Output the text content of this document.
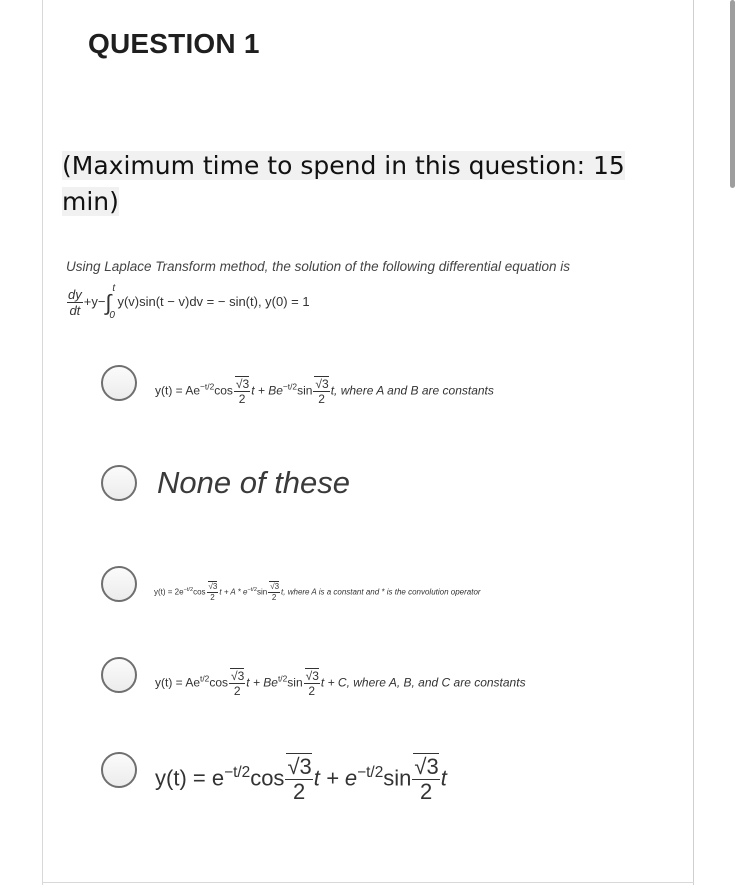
QUESTION 1
(Maximum time to spend in this question: 15 min)
Using Laplace Transform method, the solution of the following differential equation is
$\frac{dy}{dt} +y-\int$
t
0
y(v)sin(t − v)dv = − sin(t), y(0) = 1
$y(t) = Ae^{-t/2}\cos \frac{√3}{2}$ $t + Be^{-t/2}\sin \frac{√3}{2} t$, where A and B are constants
None of these
$y(t) = 2e^{-t/2}\cos \frac{√3}{2}$ $t + A * e^{-t/2}\sin \frac{√3}{2} t$, where A is a constant and * is the convolution operator
$y(t) = Ae^{t/2}\cos \frac{√3}{2}$ $t + Be^{t/2}\sin \frac{√3}{2}$ t + C, where A, B, and C are constants
$y(t) = e^{-t/2}\cos \frac{√3}{2}$ $t + e^{-t/2}\sin \frac{√3}{2}$ t
